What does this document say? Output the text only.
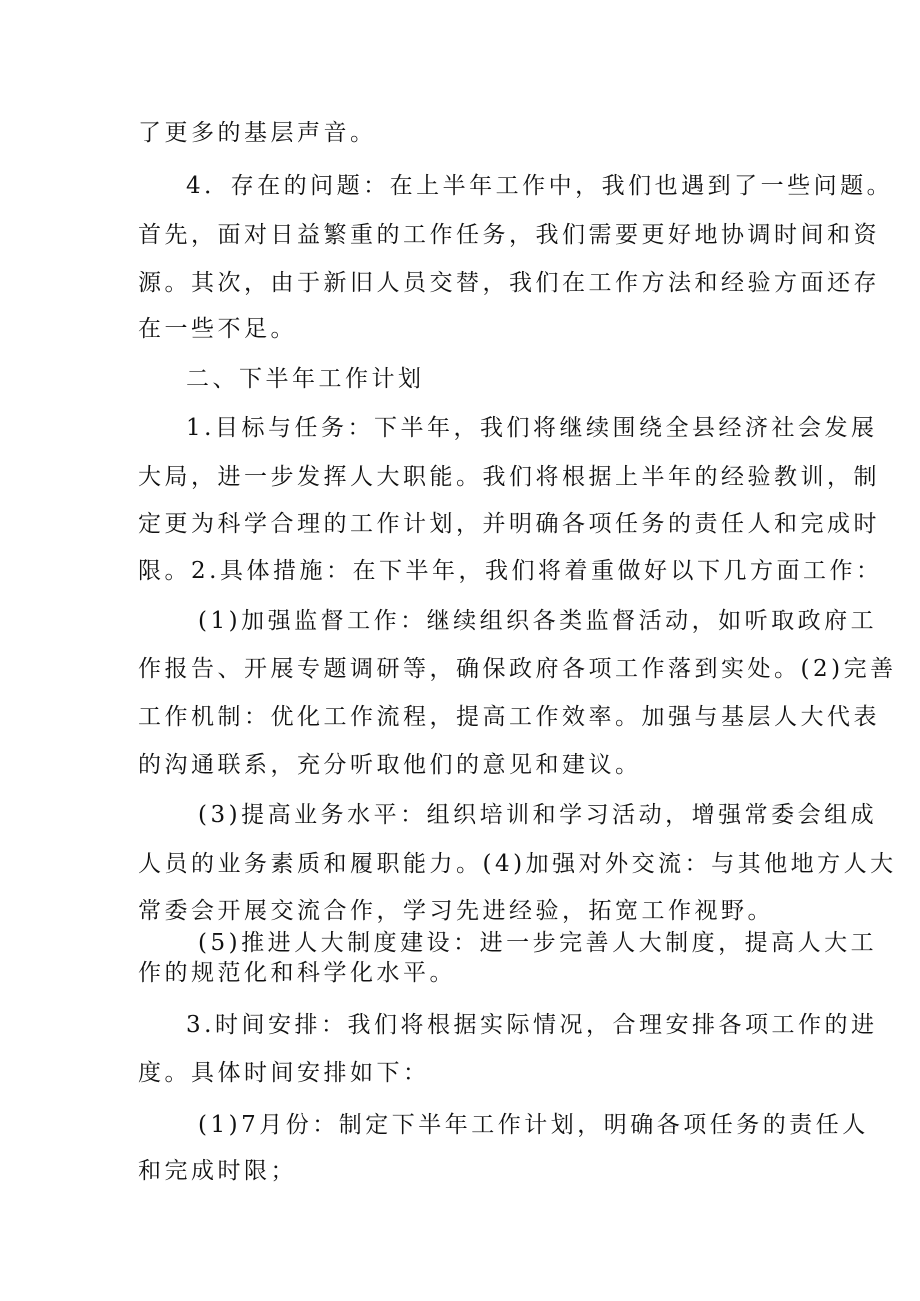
了更多的基层声音。
4．存在的问题：在上半年工作中，我们也遇到了一些问题。
首先，面对日益繁重的工作任务，我们需要更好地协调时间和资
源。其次，由于新旧人员交替，我们在工作方法和经验方面还存
在一些不足。
二、下半年工作计划
1.目标与任务：下半年，我们将继续围绕全县经济社会发展
大局，进一步发挥人大职能。我们将根据上半年的经验教训，制
定更为科学合理的工作计划，并明确各项任务的责任人和完成时
限。2.具体措施：在下半年，我们将着重做好以下几方面工作：
(1)加强监督工作：继续组织各类监督活动，如听取政府工
作报告、开展专题调研等，确保政府各项工作落到实处。(2)完善
工作机制：优化工作流程，提高工作效率。加强与基层人大代表
的沟通联系，充分听取他们的意见和建议。
(3)提高业务水平：组织培训和学习活动，增强常委会组成
人员的业务素质和履职能力。(4)加强对外交流：与其他地方人大
常委会开展交流合作，学习先进经验，拓宽工作视野。
(5)推进人大制度建设：进一步完善人大制度，提高人大工
作的规范化和科学化水平。
3.时间安排：我们将根据实际情况，合理安排各项工作的进
度。具体时间安排如下：
(1)7月份：制定下半年工作计划，明确各项任务的责任人
和完成时限；
